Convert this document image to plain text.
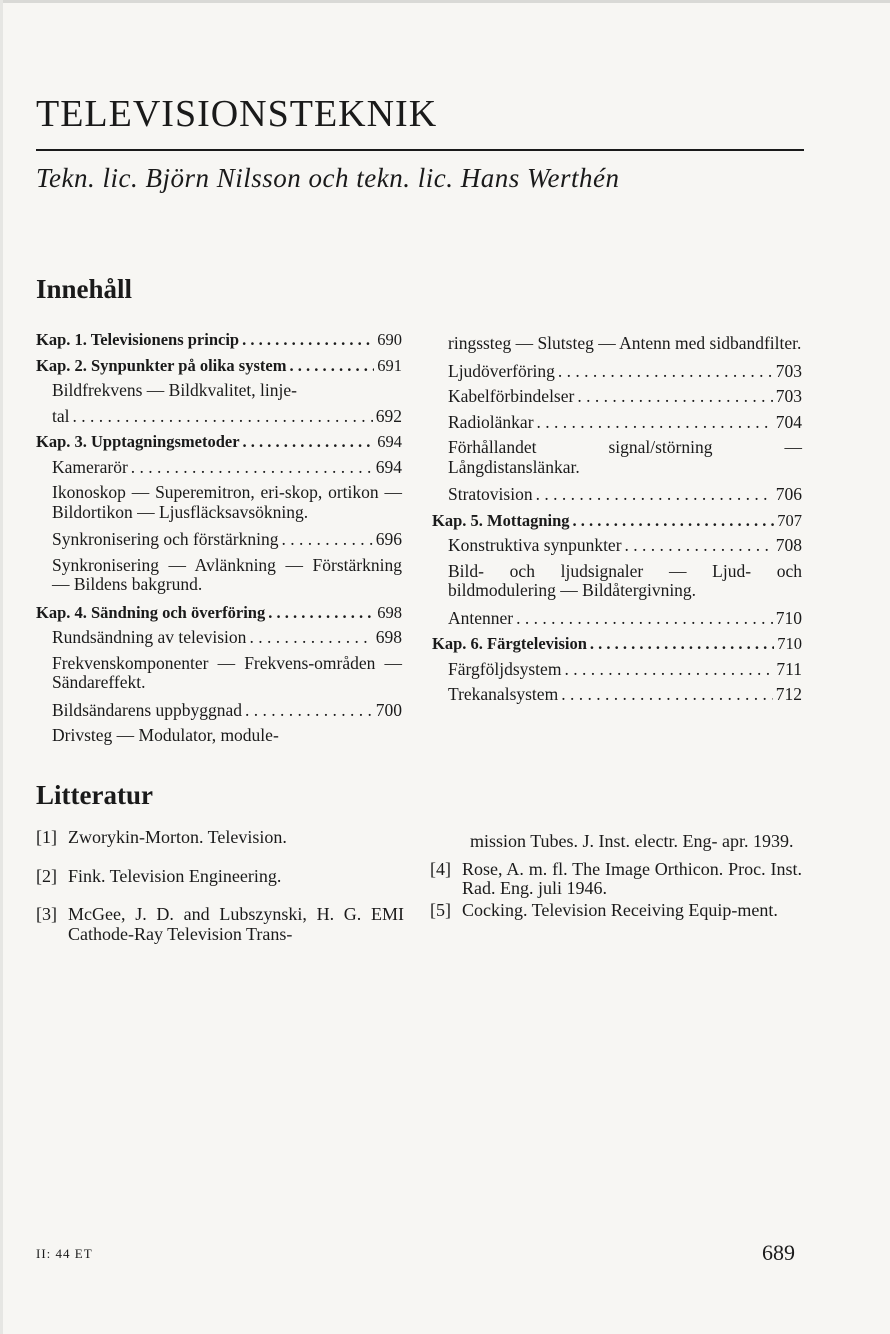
TELEVISIONSTEKNIK
Tekn. lic. Björn Nilsson och tekn. lic. Hans Werthén
Innehåll
Kap. 1. Televisionens princip . . .	690
Kap. 2. Synpunkter på olika system . . .	691
Bildfrekvens — Bildkvalitet, linje-
tal . . .	692
Kap. 3. Upptagningsmetoder . . .	694
Kamerarör . . .	694
Ikonoskop — Superemitron, eri-skop, ortikon — Bildortikon — Ljusfläcksavsökning.
Synkronisering och förstärkning . . .	696
Synkronisering — Avlänkning — Förstärkning — Bildens bakgrund.
Kap. 4. Sändning och överföring . . .	698
Rundsändning av television . . .	698
Frekvenskomponenter — Frekvens-områden — Sändareffekt.
Bildsändarens uppbyggnad . . .	700
Drivsteg — Modulator, module-
ringssteg — Slutsteg — Antenn med sidbandfilter.
Ljudöverföring . . .	703
Kabelförbindelser . . .	703
Radiolänkar . . .	704
Förhållandet signal/störning — Långdistanslänkar.
Stratovision . . .	706
Kap. 5. Mottagning . . .	707
Konstruktiva synpunkter . . .	708
Bild- och ljudsignaler — Ljud- och bildmodulering — Bildåtergivning.
Antenner . . .	710
Kap. 6. Färgtelevision . . .	710
Färgföljdsystem . . .	711
Trekanalsystem . . .	712
Litteratur
[1] Zworykin-Morton. Television.
[2] Fink. Television Engineering.
[3] McGee, J. D. and Lubszynski, H. G. EMI Cathode-Ray Television Trans-
mission Tubes. J. Inst. electr. Eng- apr. 1939.
[4] Rose, A. m. fl. The Image Orthicon. Proc. Inst. Rad. Eng. juli 1946.
[5] Cocking. Television Receiving Equip-ment.
II: 44 ET	689
